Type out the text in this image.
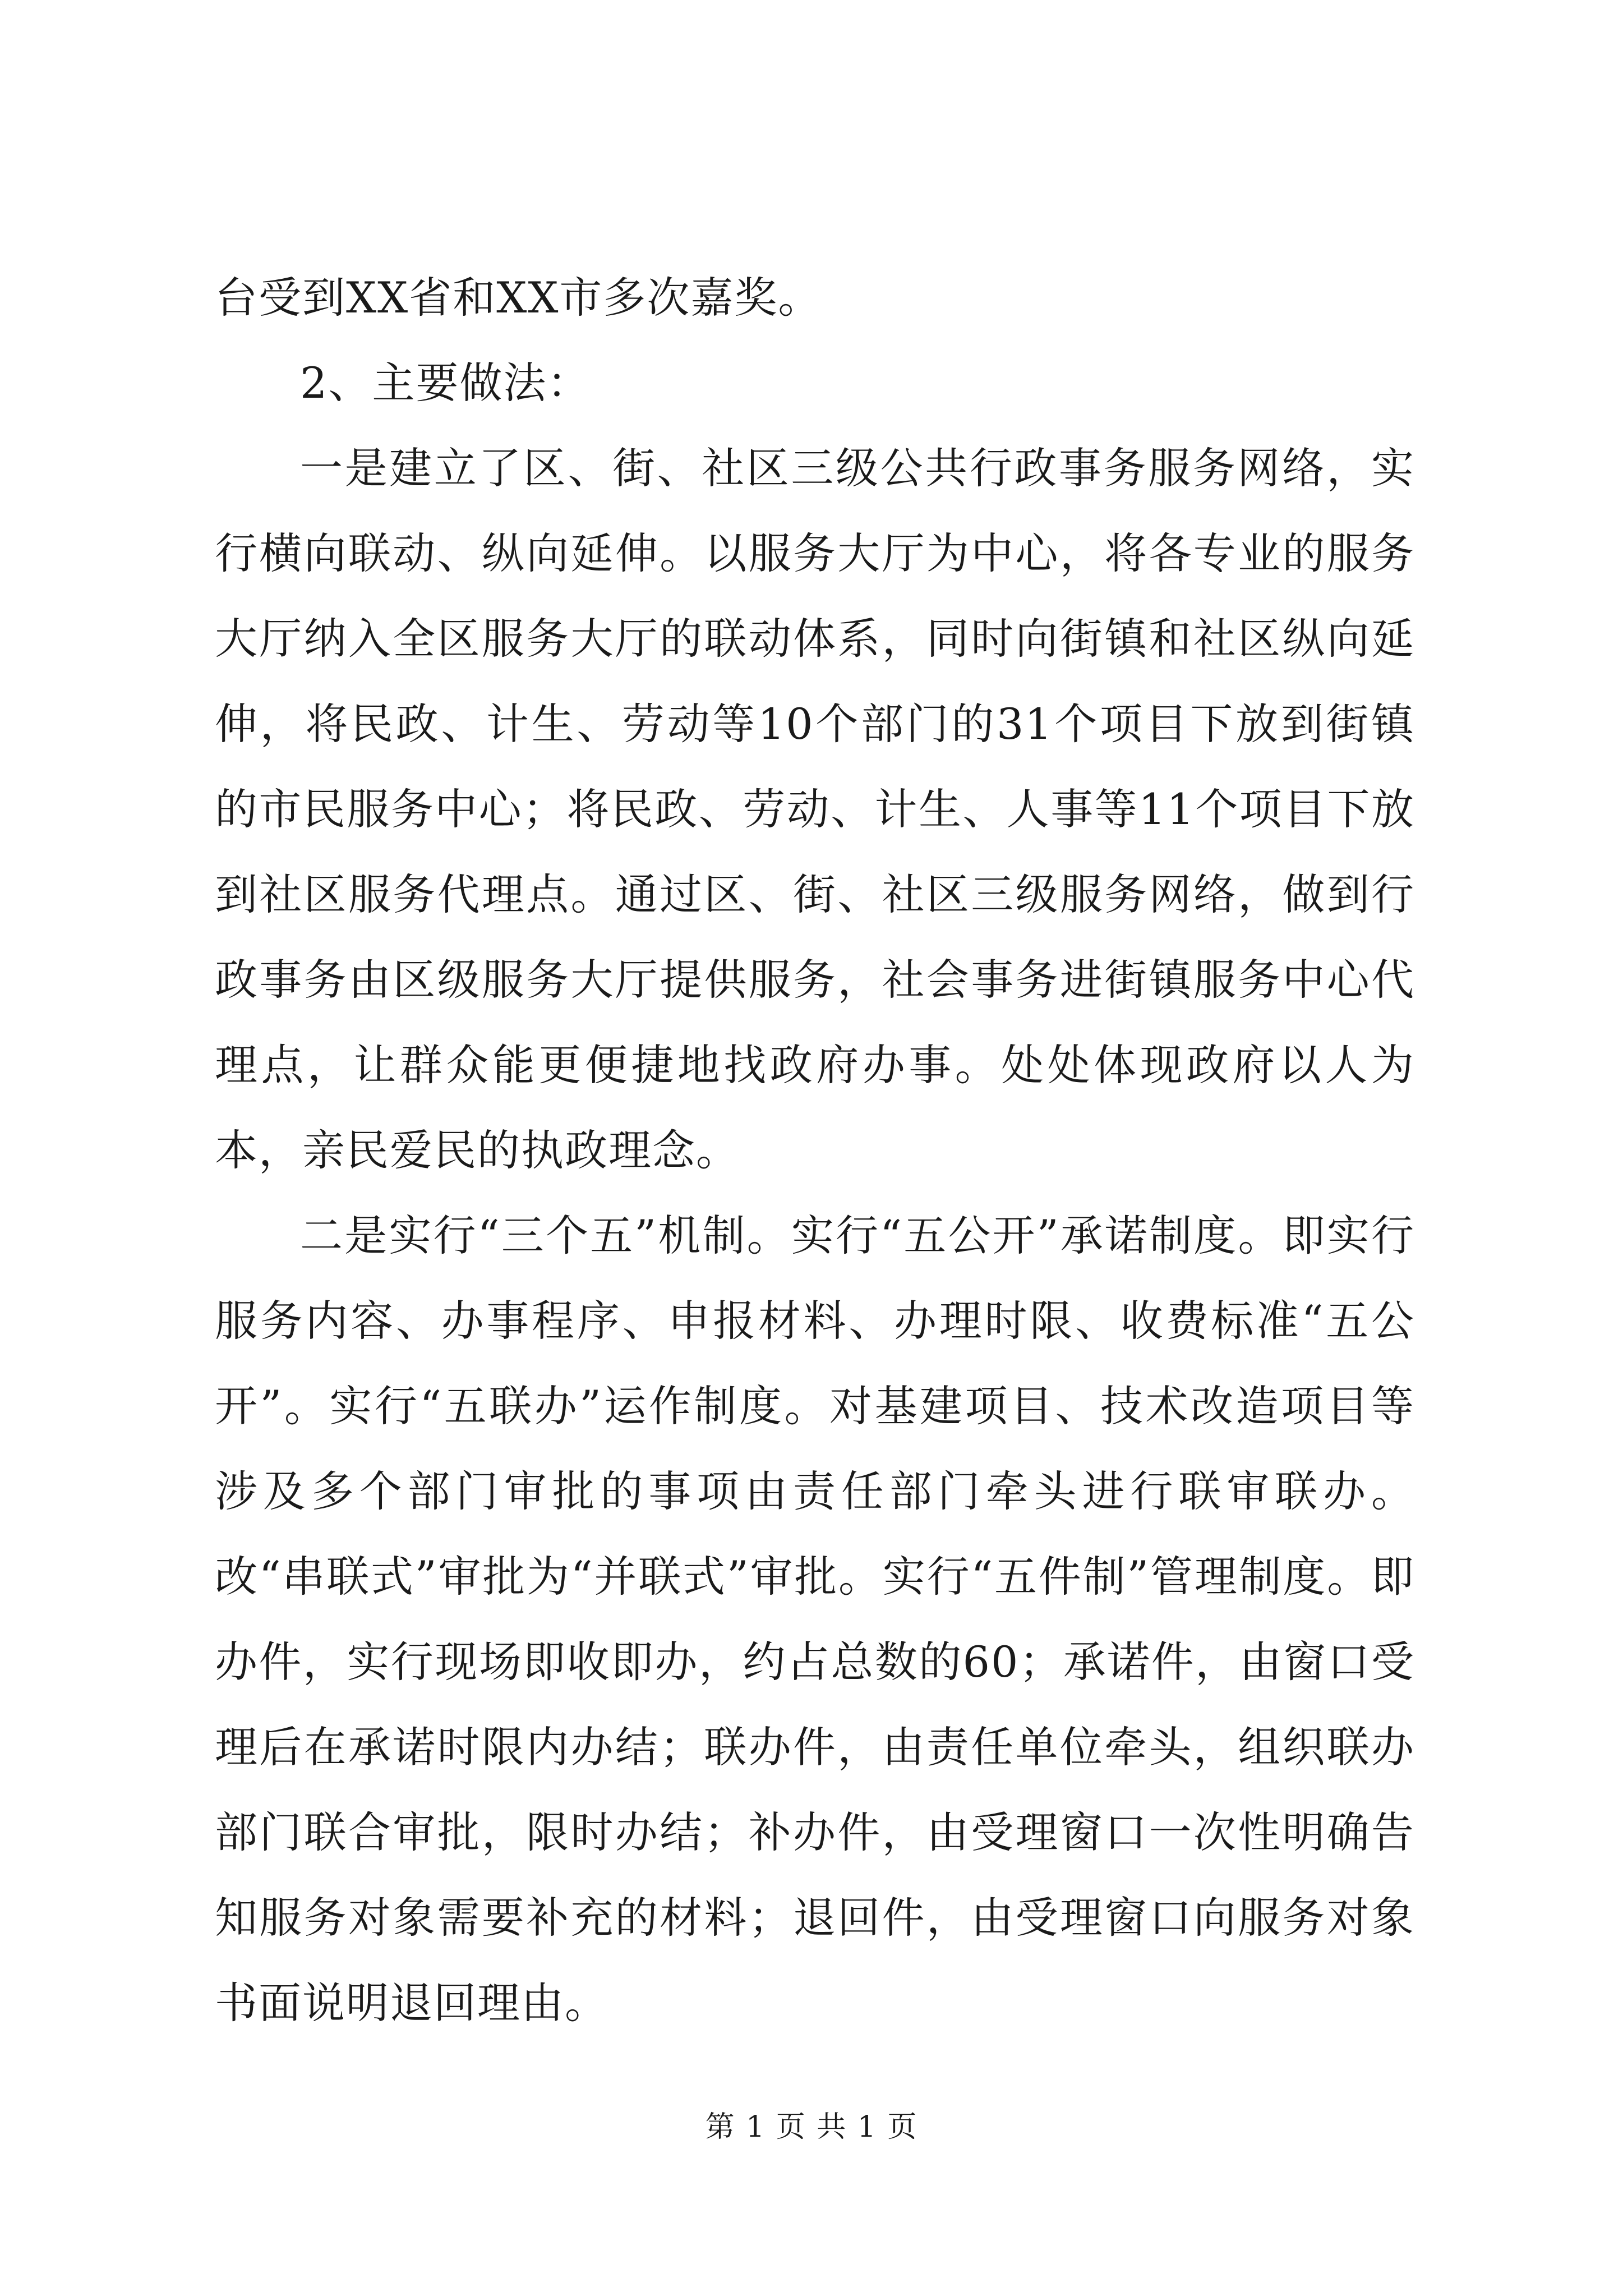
台受到XX省和XX市多次嘉奖。

2、主要做法：

一是建立了区、街、社区三级公共行政事务服务网络，实行横向联动、纵向延伸。以服务大厅为中心，将各专业的服务大厅纳入全区服务大厅的联动体系，同时向街镇和社区纵向延伸，将民政、计生、劳动等10个部门的31个项目下放到街镇的市民服务中心；将民政、劳动、计生、人事等11个项目下放到社区服务代理点。通过区、街、社区三级服务网络，做到行政事务由区级服务大厅提供服务，社会事务进街镇服务中心代理点，让群众能更便捷地找政府办事。处处体现政府以人为本，亲民爱民的执政理念。

二是实行“三个五”机制。实行“五公开”承诺制度。即实行服务内容、办事程序、申报材料、办理时限、收费标准“五公开”。实行“五联办”运作制度。对基建项目、技术改造项目等涉及多个部门审批的事项由责任部门牵头进行联审联办。改“串联式”审批为“并联式”审批。实行“五件制”管理制度。即办件，实行现场即收即办，约占总数的60；承诺件，由窗口受理后在承诺时限内办结；联办件，由责任单位牵头，组织联办部门联合审批，限时办结；补办件，由受理窗口一次性明确告知服务对象需要补充的材料；退回件，由受理窗口向服务对象书面说明退回理由。

第 1 页 共 1 页
